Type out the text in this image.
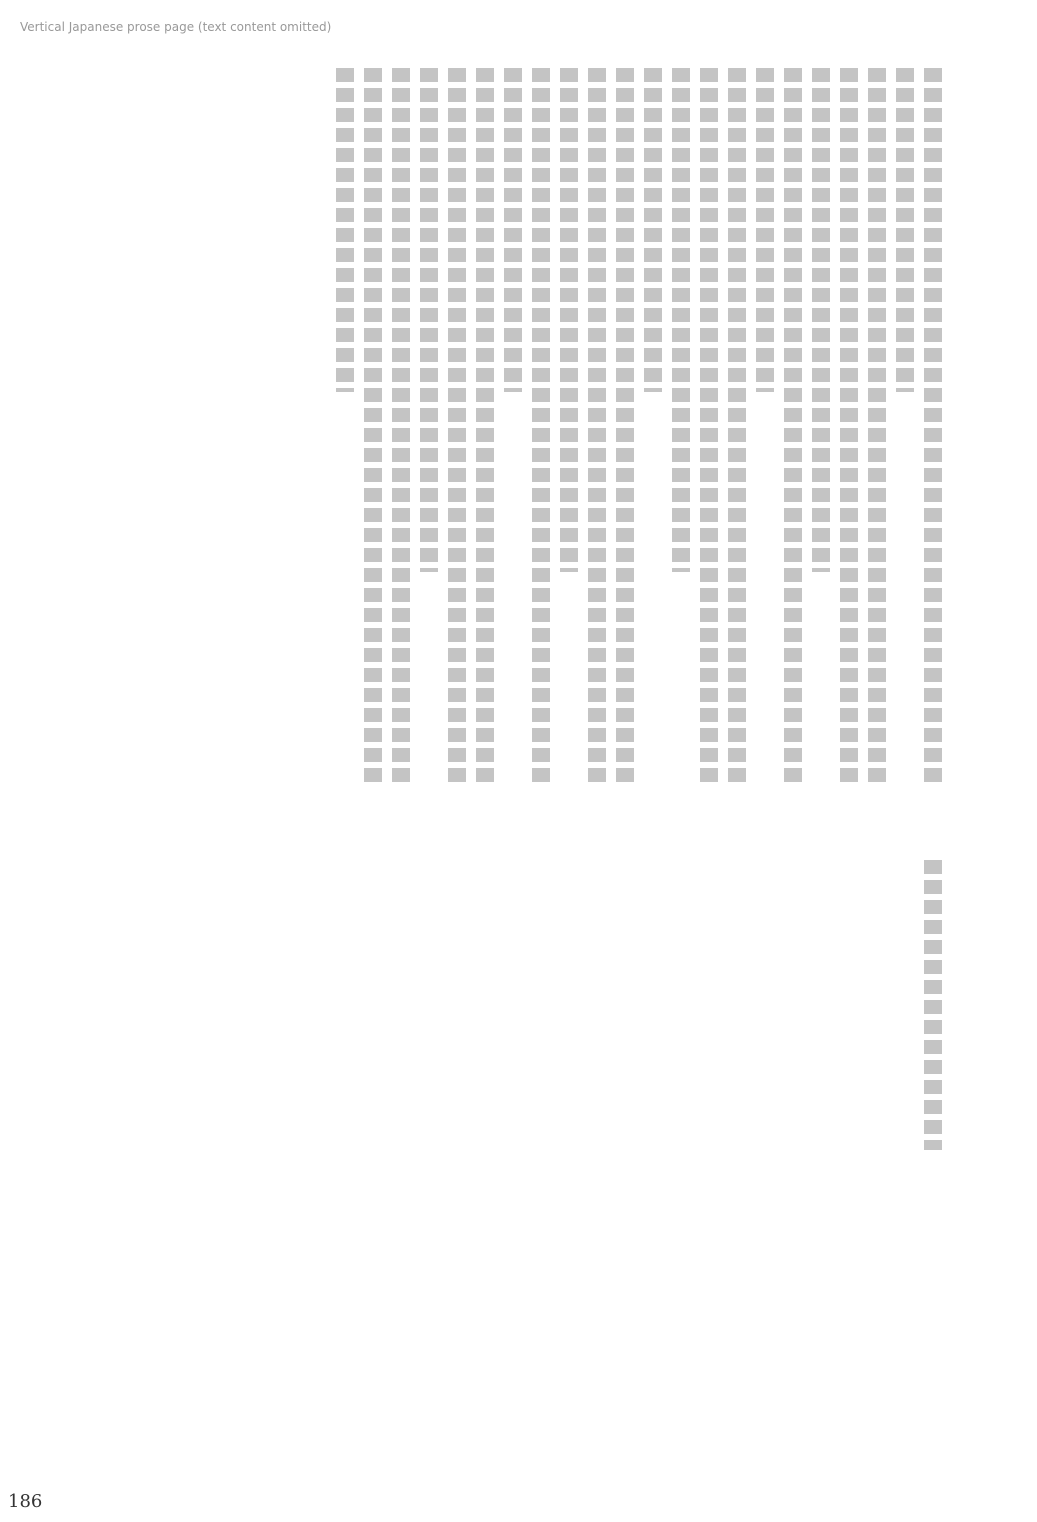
Vertical Japanese prose page (text content omitted)
186
